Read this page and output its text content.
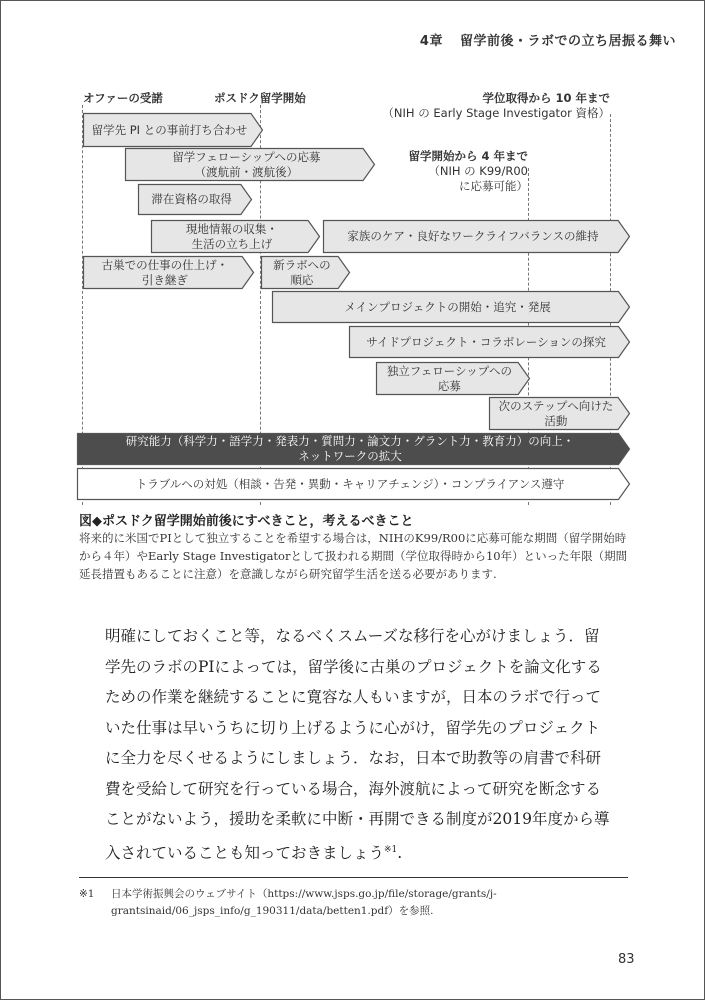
4章 留学前後・ラボでの立ち居振る舞い
オファーの受諾	ポスドク留学開始
留学開始から 4 年まで
（NIH の K99/R00
に応募可能）
学位取得から 10 年まで
（NIH の Early Stage Investigator 資格）
留学先 PI との事前打ち合わせ
留学フェローシップへの応募
（渡航前・渡航後）
滞在資格の取得
現地情報の収集・
生活の立ち上げ
家族のケア・良好なワークライフバランスの維持
古巣での仕事の仕上げ・
引き継ぎ
新ラボへの
順応
メインプロジェクトの開始・追究・発展
サイドプロジェクト・コラボレーションの探究
独立フェローシップへの
応募
次のステップへ向けた
活動
研究能力（科学力・語学力・発表力・質問力・論文力・グラント力・教育力）の向上・
ネットワークの拡大
トラブルへの対処（相談・告発・異動・キャリアチェンジ）・コンプライアンス遵守
図◆ポスドク留学開始前後にすべきこと，考えるべきこと
将来的に米国でPIとして独立することを希望する場合は，NIHのK99/R00に応募可能な期間（留学開始時から４年）やEarly Stage Investigatorとして扱われる期間（学位取得時から10年）といった年限（期間延長措置もあることに注意）を意識しながら研究留学生活を送る必要があります.
明確にしておくこと等，なるべくスムーズな移行を心がけましょう．留
学先のラボのPIによっては，留学後に古巣のプロジェクトを論文化する
ための作業を継続することに寛容な人もいますが，日本のラボで行って
いた仕事は早いうちに切り上げるように心がけ，留学先のプロジェクト
に全力を尽くせるようにしましょう．なお，日本で助教等の肩書で科研
費を受給して研究を行っている場合，海外渡航によって研究を断念する
ことがないよう，援助を柔軟に中断・再開できる制度が2019年度から導
入されていることも知っておきましょう$^{※1}$.
※1 日本学術振興会のウェブサイト（https://www.jsps.go.jp/file/storage/grants/j-grantsinaid/06_jsps_info/g_190311/data/betten1.pdf）を参照.
83
